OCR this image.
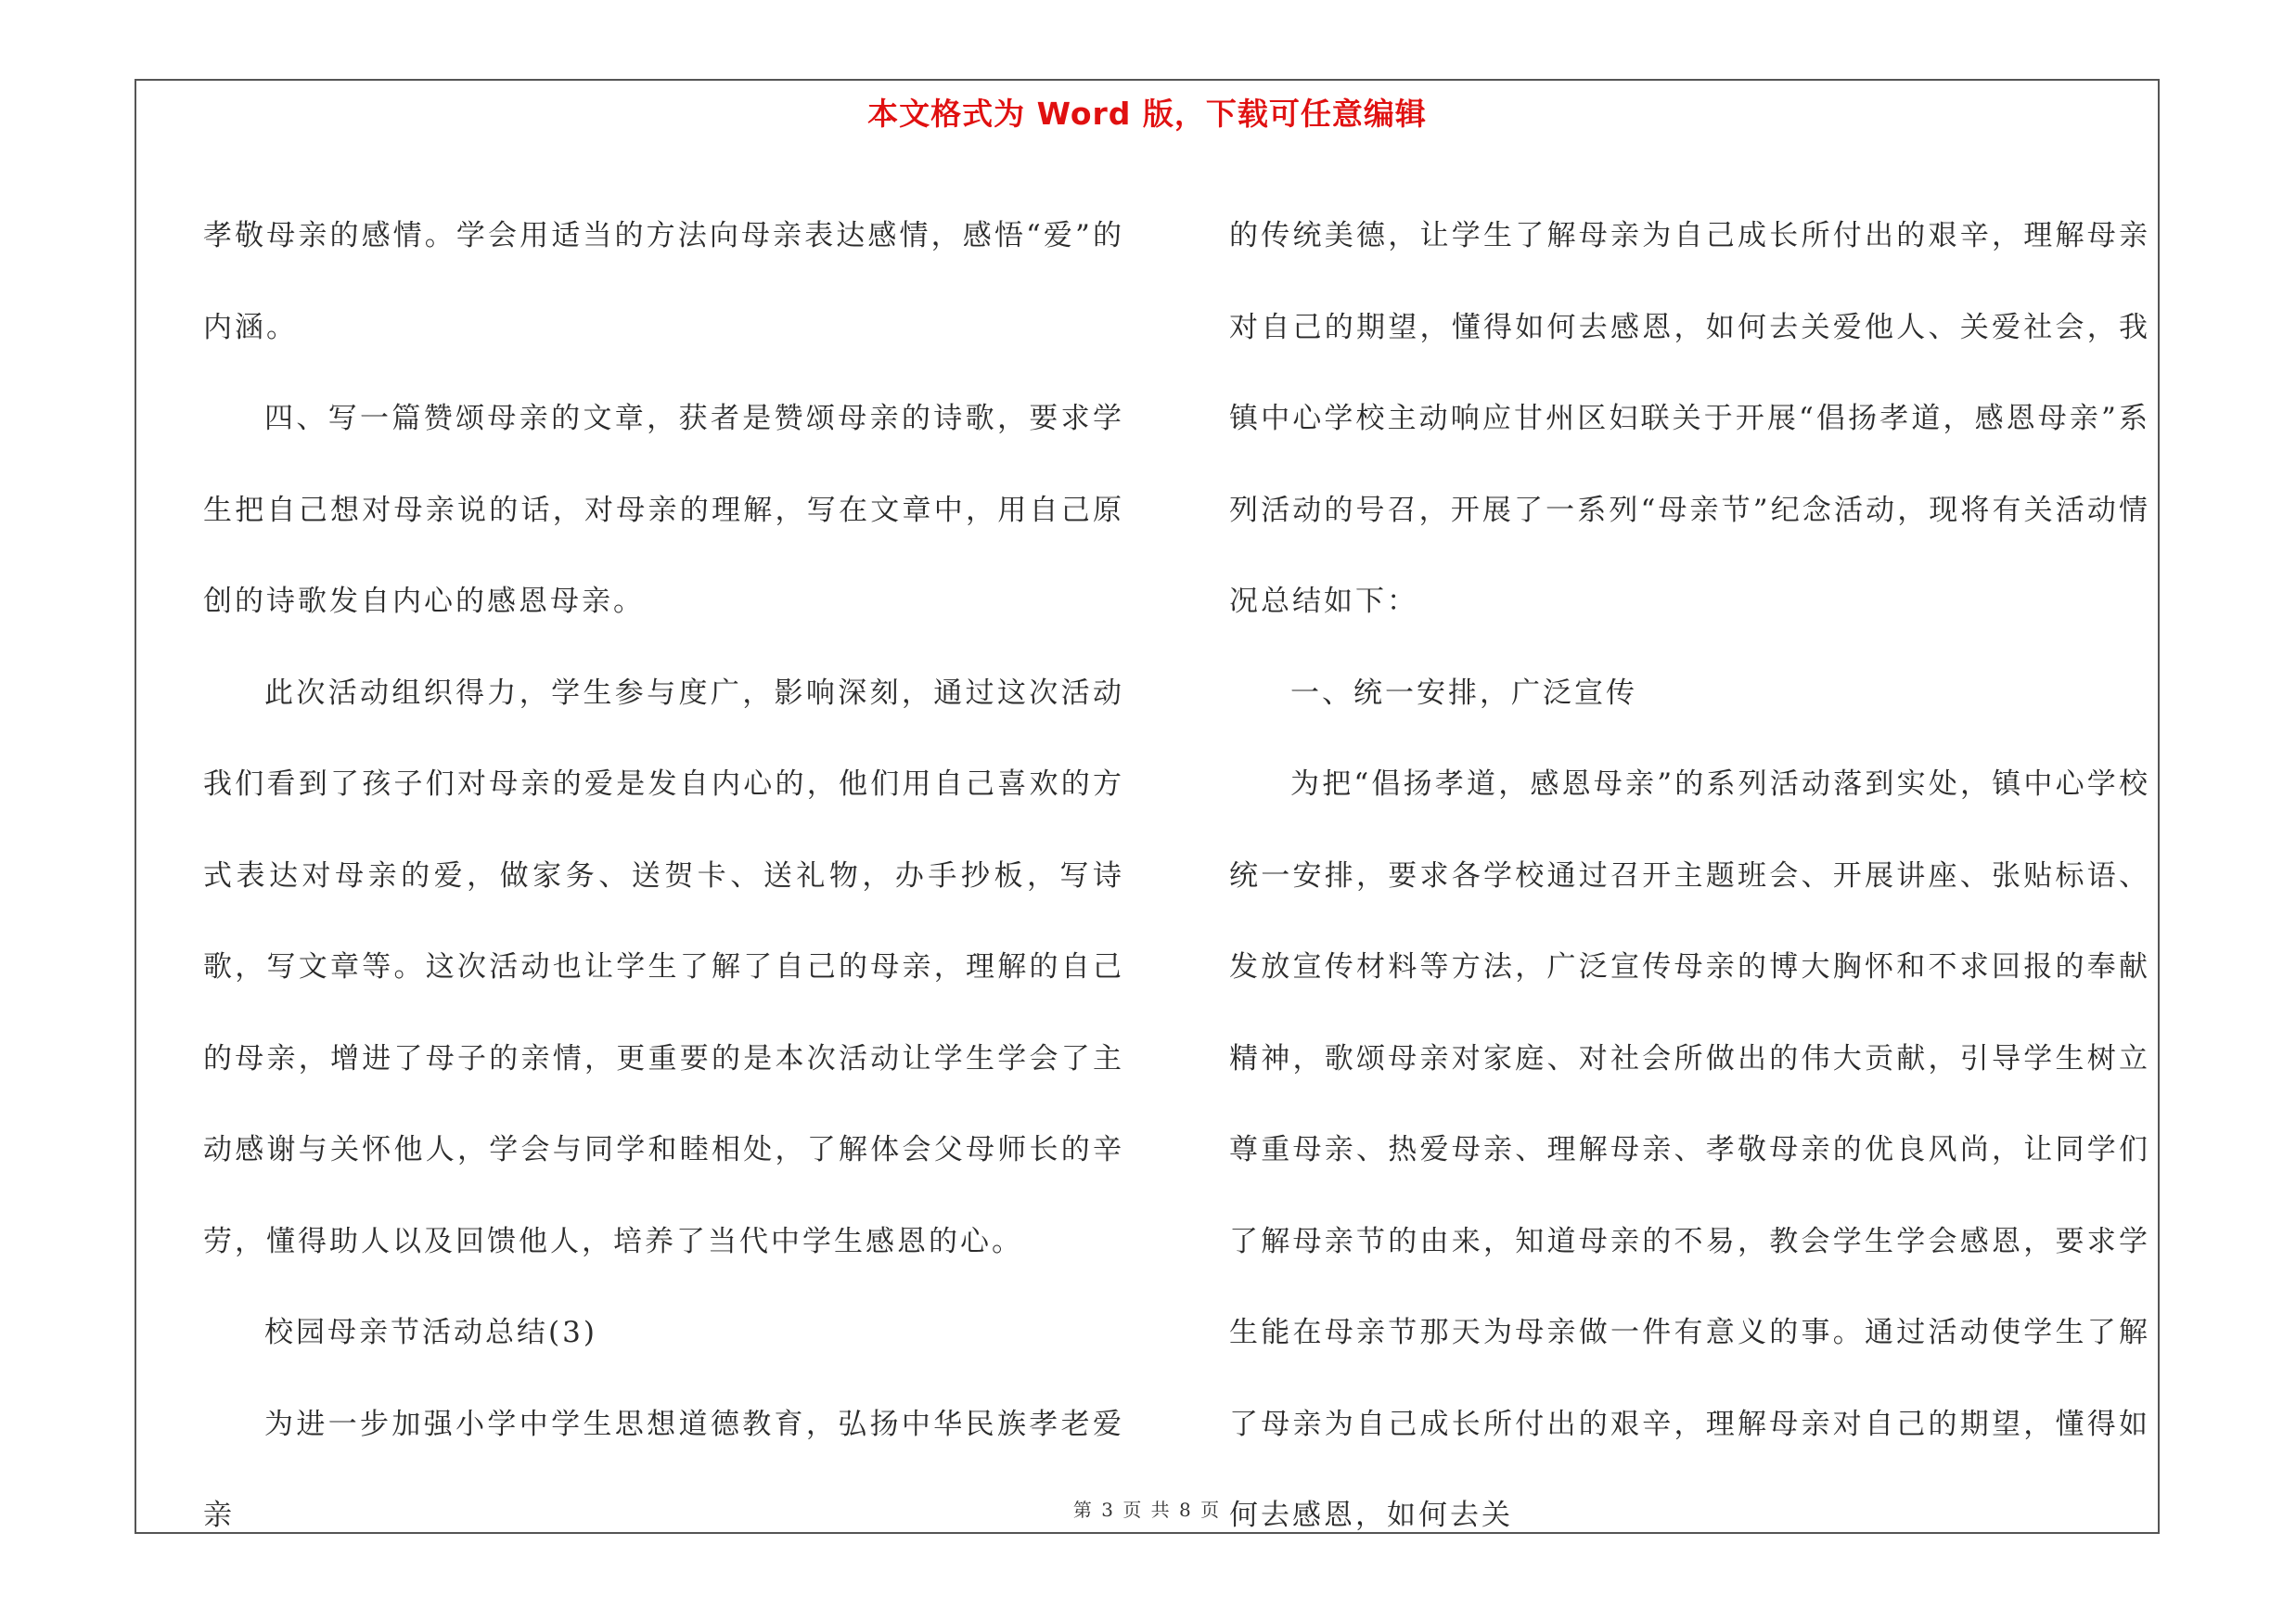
本文格式为 Word 版，下载可任意编辑

孝敬母亲的感情。学会用适当的方法向母亲表达感情，感悟“爱”的内涵。

四、写一篇赞颂母亲的文章，获者是赞颂母亲的诗歌，要求学生把自己想对母亲说的话，对母亲的理解，写在文章中，用自己原创的诗歌发自内心的感恩母亲。

此次活动组织得力，学生参与度广，影响深刻，通过这次活动我们看到了孩子们对母亲的爱是发自内心的，他们用自己喜欢的方式表达对母亲的爱，做家务、送贺卡、送礼物，办手抄板，写诗歌，写文章等。这次活动也让学生了解了自己的母亲，理解的自己的母亲，增进了母子的亲情，更重要的是本次活动让学生学会了主动感谢与关怀他人，学会与同学和睦相处，了解体会父母师长的辛劳，懂得助人以及回馈他人，培养了当代中学生感恩的心。

校园母亲节活动总结(3)

为进一步加强小学中学生思想道德教育，弘扬中华民族孝老爱亲

的传统美德，让学生了解母亲为自己成长所付出的艰辛，理解母亲对自己的期望，懂得如何去感恩，如何去关爱他人、关爱社会，我镇中心学校主动响应甘州区妇联关于开展“倡扬孝道，感恩母亲”系列活动的号召，开展了一系列“母亲节”纪念活动，现将有关活动情况总结如下：

一、统一安排，广泛宣传

为把“倡扬孝道，感恩母亲”的系列活动落到实处，镇中心学校统一安排，要求各学校通过召开主题班会、开展讲座、张贴标语、发放宣传材料等方法，广泛宣传母亲的博大胸怀和不求回报的奉献精神，歌颂母亲对家庭、对社会所做出的伟大贡献，引导学生树立尊重母亲、热爱母亲、理解母亲、孝敬母亲的优良风尚，让同学们了解母亲节的由来，知道母亲的不易，教会学生学会感恩，要求学生能在母亲节那天为母亲做一件有意义的事。通过活动使学生了解了母亲为自己成长所付出的艰辛，理解母亲对自己的期望，懂得如何去感恩，如何去关

第 3 页 共 8 页
